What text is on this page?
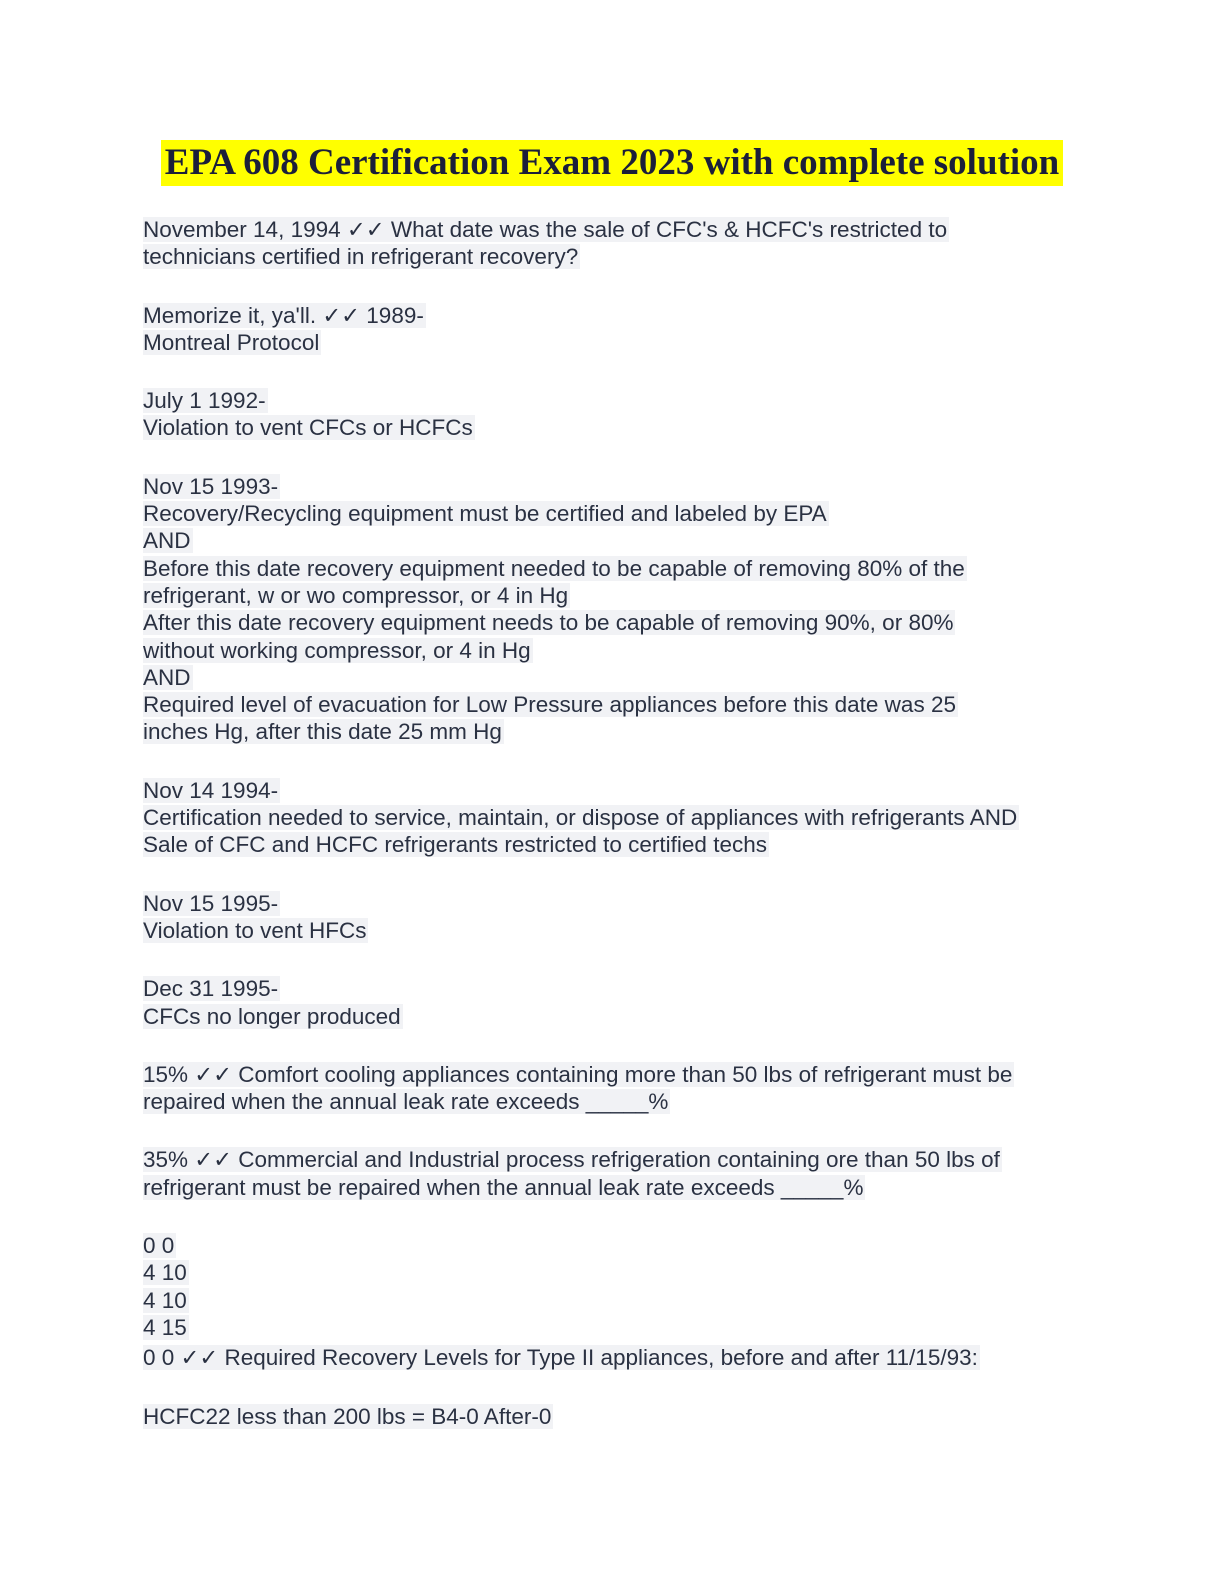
EPA 608 Certification Exam 2023 with complete solution
November 14, 1994 ✓✓ What date was the sale of CFC's & HCFC's restricted to
technicians certified in refrigerant recovery?
Memorize it, ya'll. ✓✓ 1989-
Montreal Protocol
July 1 1992-
Violation to vent CFCs or HCFCs
Nov 15 1993-
Recovery/Recycling equipment must be certified and labeled by EPA
AND
Before this date recovery equipment needed to be capable of removing 80% of the
refrigerant, w or wo compressor, or 4 in Hg
After this date recovery equipment needs to be capable of removing 90%, or 80%
without working compressor, or 4 in Hg
AND
Required level of evacuation for Low Pressure appliances before this date was 25
inches Hg, after this date 25 mm Hg
Nov 14 1994-
Certification needed to service, maintain, or dispose of appliances with refrigerants AND
Sale of CFC and HCFC refrigerants restricted to certified techs
Nov 15 1995-
Violation to vent HFCs
Dec 31 1995-
CFCs no longer produced
15% ✓✓ Comfort cooling appliances containing more than 50 lbs of refrigerant must be
repaired when the annual leak rate exceeds _____%
35% ✓✓ Commercial and Industrial process refrigeration containing ore than 50 lbs of
refrigerant must be repaired when the annual leak rate exceeds _____%
0 0
4 10
4 10
4 15
0 0 ✓✓ Required Recovery Levels for Type II appliances, before and after 11/15/93:
HCFC22 less than 200 lbs = B4-0 After-0
